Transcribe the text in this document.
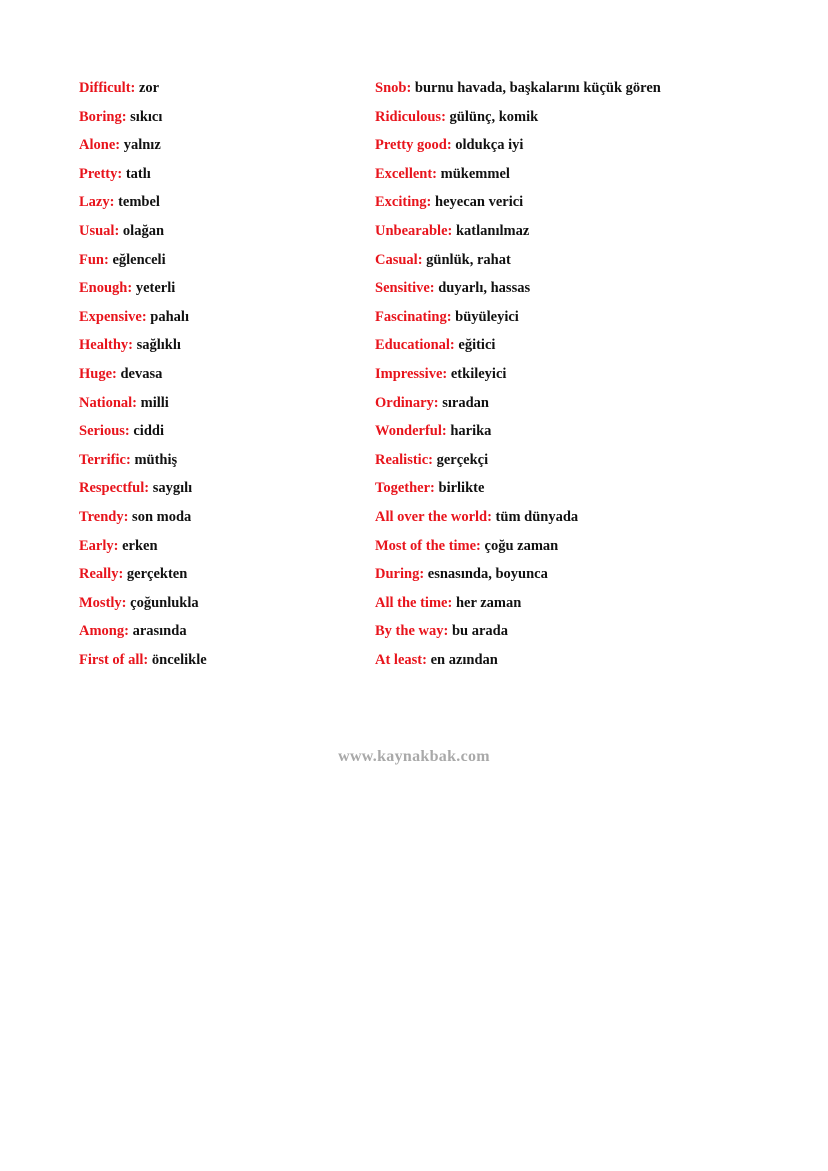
Difficult: zor
Boring: sıkıcı
Alone: yalnız
Pretty: tatlı
Lazy: tembel
Usual: olağan
Fun: eğlenceli
Enough: yeterli
Expensive: pahalı
Healthy: sağlıklı
Huge: devasa
National: milli
Serious: ciddi
Terrific: müthiş
Respectful: saygılı
Trendy: son moda
Early: erken
Really: gerçekten
Mostly: çoğunlukla
Among: arasında
First of all: öncelikle
Snob: burnu havada, başkalarını küçük gören
Ridiculous: gülünç, komik
Pretty good: oldukça iyi
Excellent: mükemmel
Exciting: heyecan verici
Unbearable: katlanılmaz
Casual: günlük, rahat
Sensitive: duyarlı, hassas
Fascinating: büyüleyici
Educational: eğitici
Impressive: etkileyici
Ordinary: sıradan
Wonderful: harika
Realistic: gerçekçi
Together: birlikte
All over the world: tüm dünyada
Most of the time: çoğu zaman
During: esnasında, boyunca
All the time: her zaman
By the way: bu arada
At least: en azından
www.kaynakbak.com
